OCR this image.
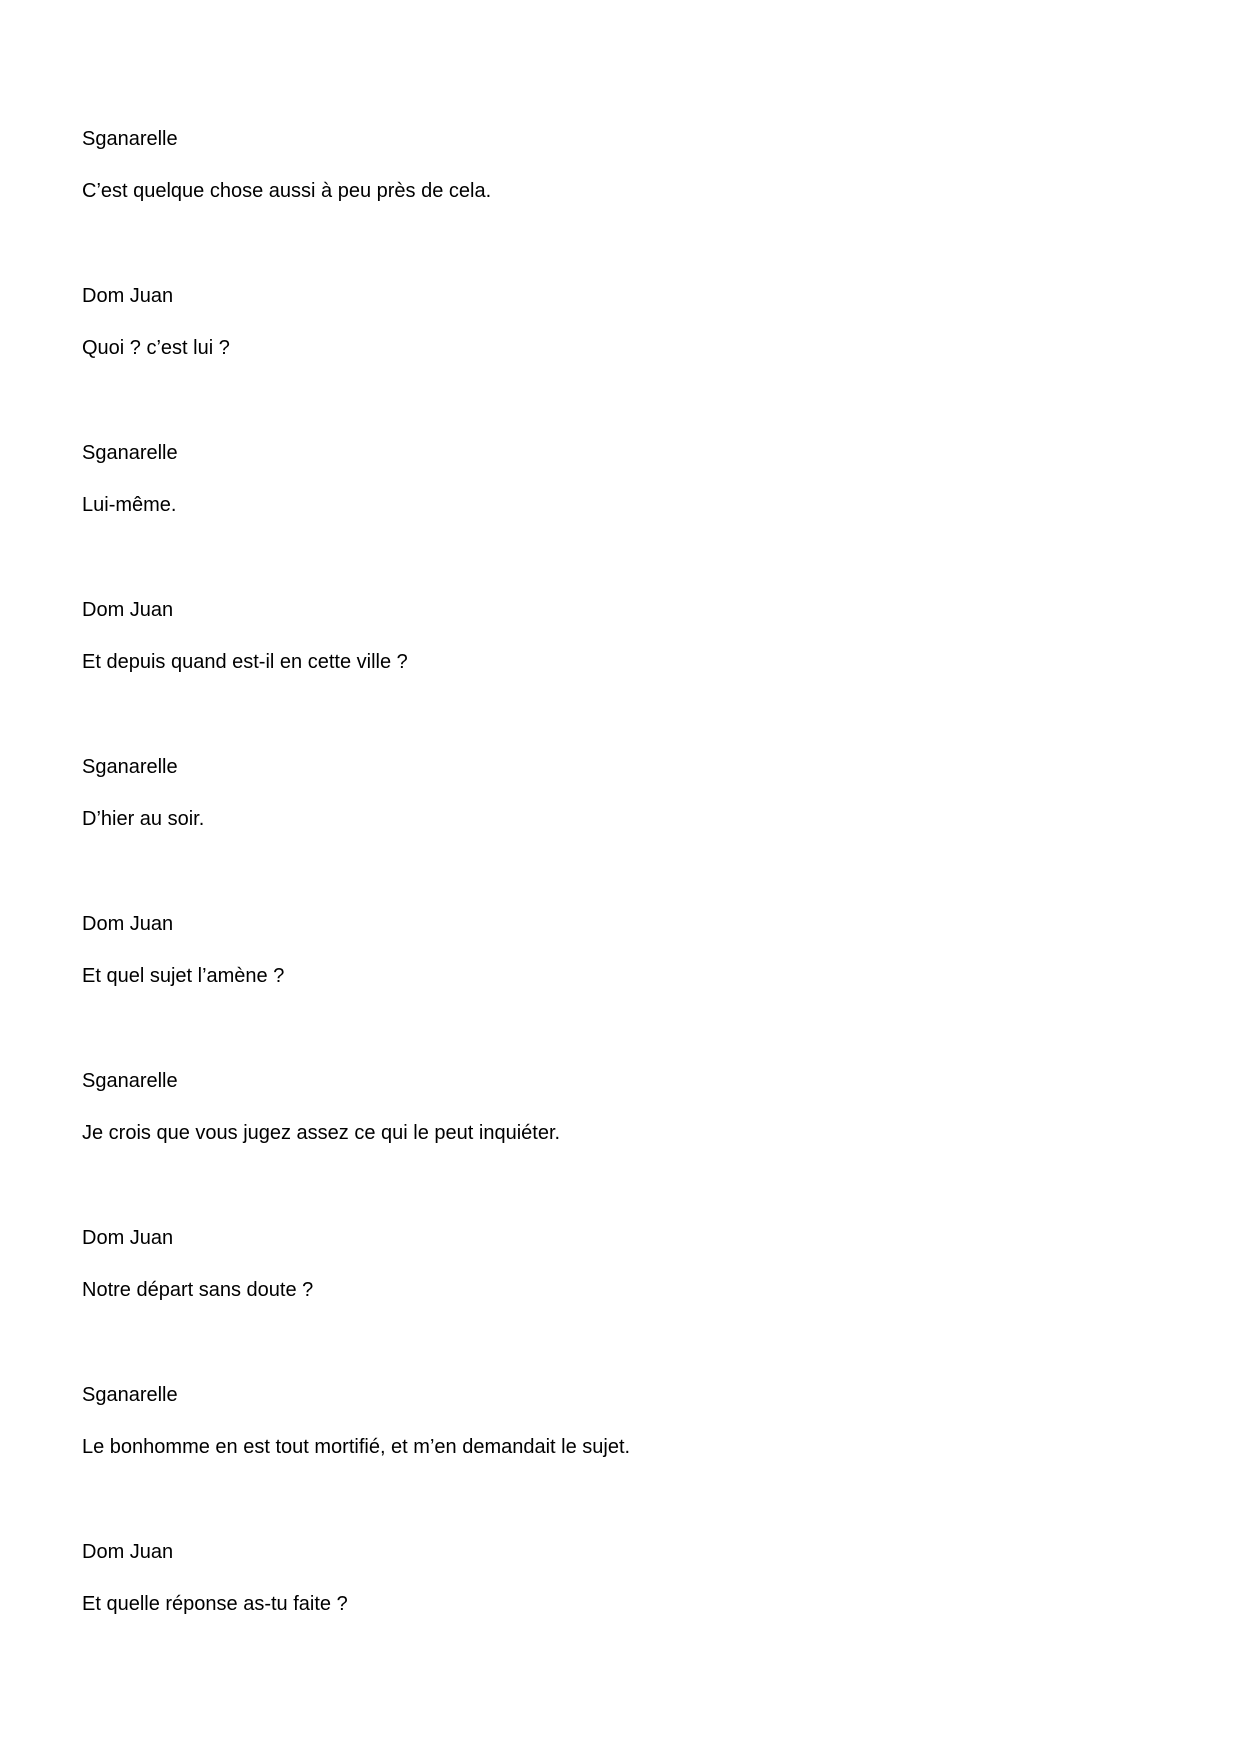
Sganarelle
C’est quelque chose aussi à peu près de cela.
Dom Juan
Quoi ? c’est lui ?
Sganarelle
Lui-même.
Dom Juan
Et depuis quand est-il en cette ville ?
Sganarelle
D’hier au soir.
Dom Juan
Et quel sujet l’amène ?
Sganarelle
Je crois que vous jugez assez ce qui le peut inquiéter.
Dom Juan
Notre départ sans doute ?
Sganarelle
Le bonhomme en est tout mortifié, et m’en demandait le sujet.
Dom Juan
Et quelle réponse as-tu faite ?
